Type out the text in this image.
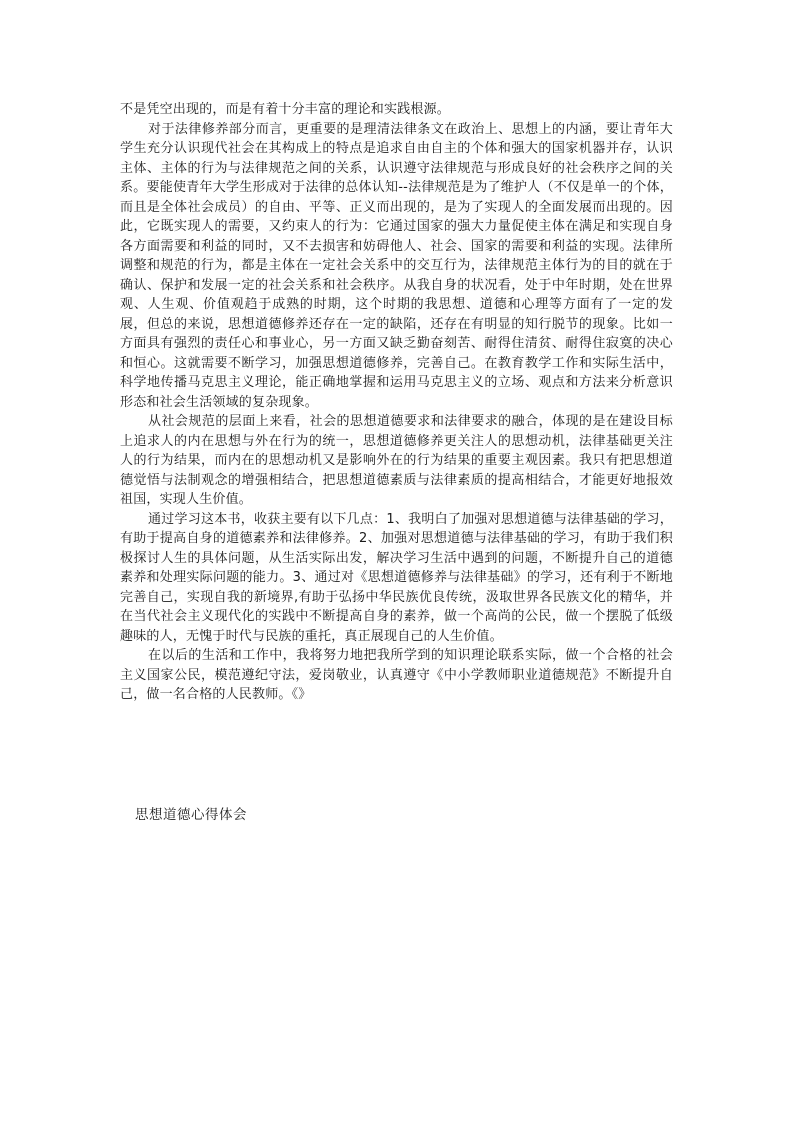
不是凭空出现的，而是有着十分丰富的理论和实践根源。

对于法律修养部分而言，更重要的是理清法律条文在政治上、思想上的内涵，要让青年大学生充分认识现代社会在其构成上的特点是追求自由自主的个体和强大的国家机器并存，认识主体、主体的行为与法律规范之间的关系，认识遵守法律规范与形成良好的社会秩序之间的关系。要能使青年大学生形成对于法律的总体认知--法律规范是为了维护人（不仅是单一的个体，而且是全体社会成员）的自由、平等、正义而出现的，是为了实现人的全面发展而出现的。因此，它既实现人的需要，又约束人的行为：它通过国家的强大力量促使主体在满足和实现自身各方面需要和利益的同时，又不去损害和妨碍他人、社会、国家的需要和利益的实现。法律所调整和规范的行为，都是主体在一定社会关系中的交互行为，法律规范主体行为的目的就在于确认、保护和发展一定的社会关系和社会秩序。从我自身的状况看，处于中年时期，处在世界观、人生观、价值观趋于成熟的时期，这个时期的我思想、道德和心理等方面有了一定的发展，但总的来说，思想道德修养还存在一定的缺陷，还存在有明显的知行脱节的现象。比如一方面具有强烈的责任心和事业心，另一方面又缺乏勤奋刻苦、耐得住清贫、耐得住寂寞的决心和恒心。这就需要不断学习，加强思想道德修养，完善自己。在教育教学工作和实际生活中，科学地传播马克思主义理论，能正确地掌握和运用马克思主义的立场、观点和方法来分析意识形态和社会生活领域的复杂现象。

从社会规范的层面上来看，社会的思想道德要求和法律要求的融合，体现的是在建设目标上追求人的内在思想与外在行为的统一，思想道德修养更关注人的思想动机，法律基础更关注人的行为结果，而内在的思想动机又是影响外在的行为结果的重要主观因素。我只有把思想道德觉悟与法制观念的增强相结合，把思想道德素质与法律素质的提高相结合，才能更好地报效祖国，实现人生价值。

通过学习这本书，收获主要有以下几点：1、我明白了加强对思想道德与法律基础的学习，有助于提高自身的道德素养和法律修养。2、加强对思想道德与法律基础的学习，有助于我们积极探讨人生的具体问题，从生活实际出发，解决学习生活中遇到的问题，不断提升自己的道德素养和处理实际问题的能力。3、通过对《思想道德修养与法律基础》的学习，还有利于不断地完善自己，实现自我的新境界,有助于弘扬中华民族优良传统，汲取世界各民族文化的精华，并在当代社会主义现代化的实践中不断提高自身的素养，做一个高尚的公民，做一个摆脱了低级趣味的人，无愧于时代与民族的重托，真正展现自己的人生价值。

在以后的生活和工作中，我将努力地把我所学到的知识理论联系实际，做一个合格的社会主义国家公民，模范遵纪守法，爱岗敬业，认真遵守《中小学教师职业道德规范》不断提升自己，做一名合格的人民教师。《》

思想道德心得体会
